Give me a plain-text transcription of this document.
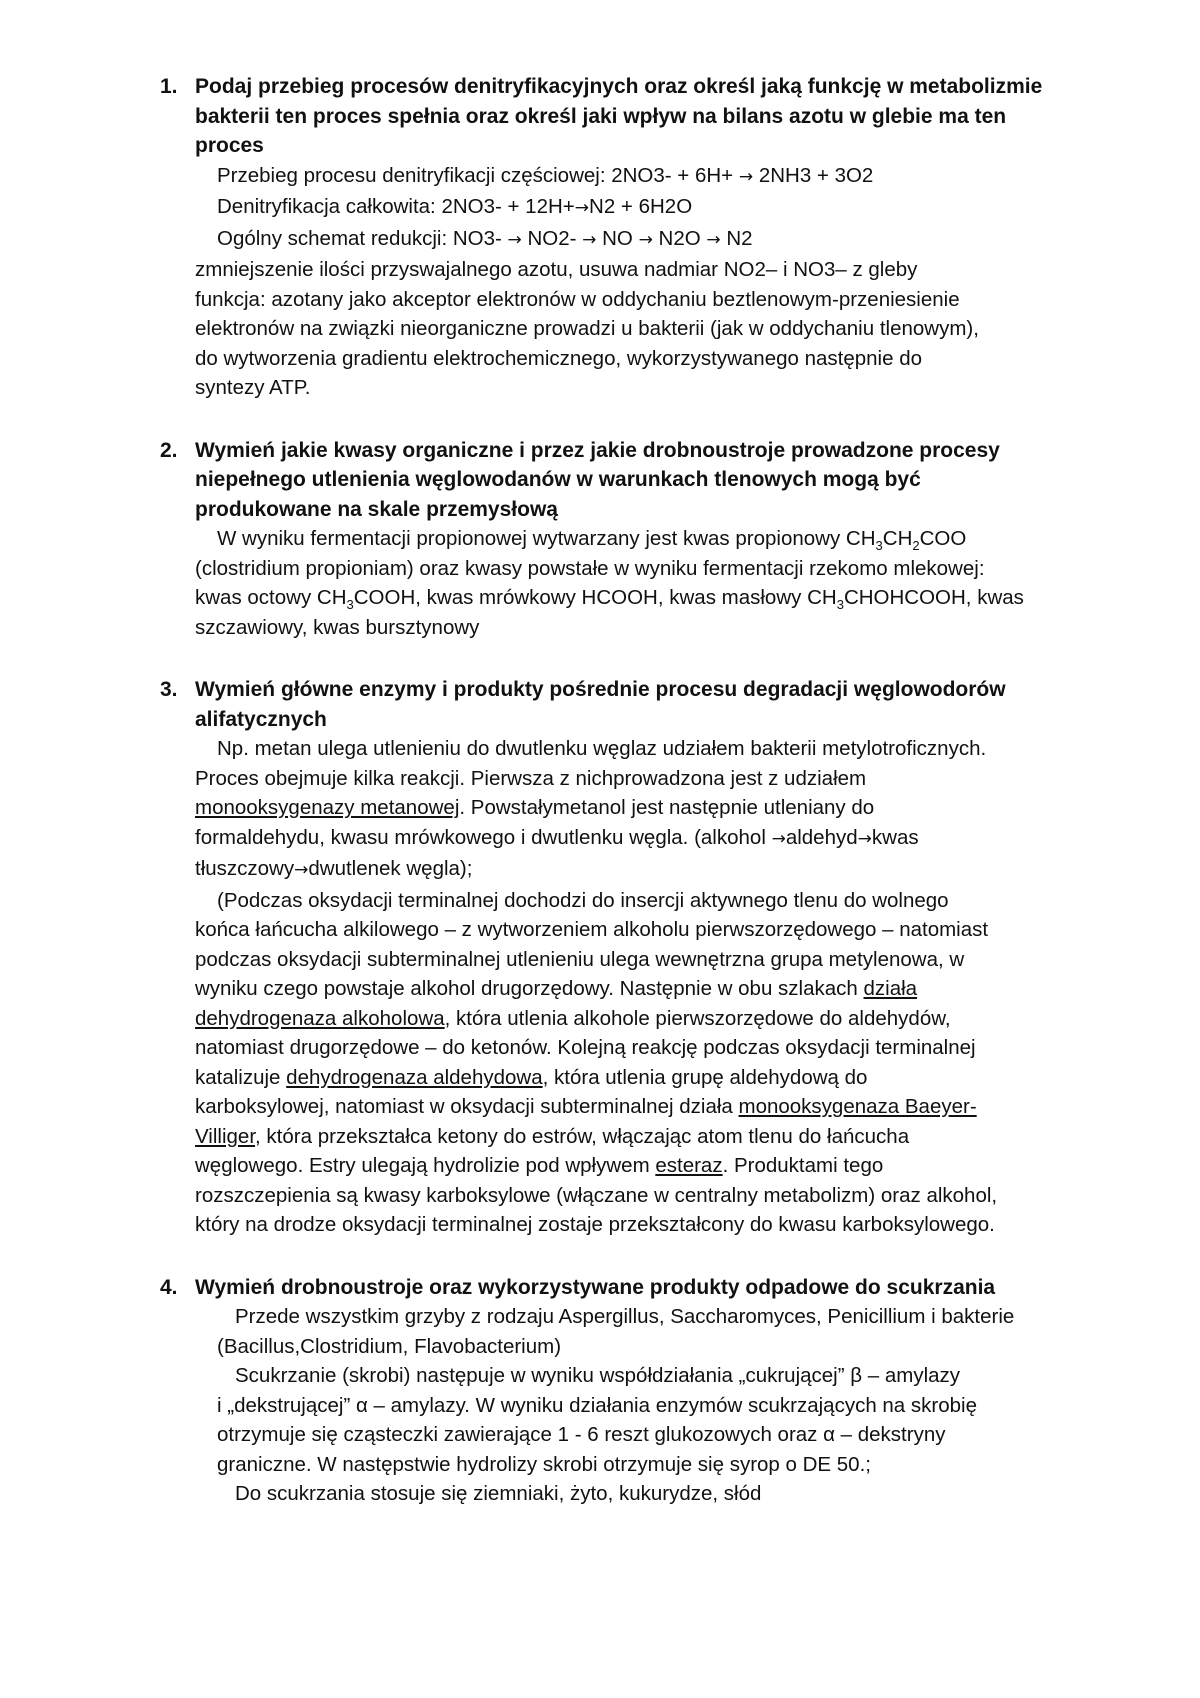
1. Podaj przebieg procesów denitryfikacyjnych oraz określ jaką funkcję w metabolizmie
bakterii ten proces spełnia oraz określ jaki wpływ na bilans azotu w glebie ma ten
proces
Przebieg procesu denitryfikacji częściowej: 2NO3- + 6H+ → 2NH3 + 3O2
Denitryfikacja całkowita: 2NO3- + 12H+→N2 + 6H2O
Ogólny schemat redukcji: NO3- → NO2- → NO → N2O → N2
zmniejszenie ilości przyswajalnego azotu, usuwa nadmiar NO2– i NO3– z gleby
funkcja: azotany jako akceptor elektronów w oddychaniu beztlenowym-przeniesienie
elektronów na związki nieorganiczne prowadzi u bakterii (jak w oddychaniu tlenowym),
do wytworzenia gradientu elektrochemicznego, wykorzystywanego następnie do
syntezy ATP.
2. Wymień jakie kwasy organiczne i przez jakie drobnoustroje prowadzone procesy
niepełnego utlenienia węglowodanów w warunkach tlenowych mogą być
produkowane na skale przemysłową
W wyniku fermentacji propionowej wytwarzany jest kwas propionowy $CH_3CH_2COO$
(clostridium propioniam) oraz kwasy powstałe w wyniku fermentacji rzekomo mlekowej:
kwas octowy $CH_3COOH$, kwas mrówkowy HCOOH, kwas masłowy $CH_3CHOHCOOH$, kwas
szczawiowy, kwas bursztynowy
3. Wymień główne enzymy i produkty pośrednie procesu degradacji węglowodorów
alifatycznych
Np. metan ulega utlenieniu do dwutlenku węglaz udziałem bakterii metylotroficznych.
Proces obejmuje kilka reakcji. Pierwsza z nichprowadzona jest z udziałem
monooksygenazy metanowej. Powstałymetanol jest następnie utleniany do
formaldehydu, kwasu mrówkowego i dwutlenku węgla. (alkohol →aldehyd→kwas
tłuszczowy→dwutlenek węgla);
(Podczas oksydacji terminalnej dochodzi do insercji aktywnego tlenu do wolnego
końca łańcucha alkilowego – z wytworzeniem alkoholu pierwszorzędowego – natomiast
podczas oksydacji subterminalnej utlenieniu ulega wewnętrzna grupa metylenowa, w
wyniku czego powstaje alkohol drugorzędowy. Następnie w obu szlakach działa
dehydrogenaza alkoholowa, która utlenia alkohole pierwszorzędowe do aldehydów,
natomiast drugorzędowe – do ketonów. Kolejną reakcję podczas oksydacji terminalnej
katalizuje dehydrogenaza aldehydowa, która utlenia grupę aldehydową do
karboksylowej, natomiast w oksydacji subterminalnej działa monooksygenaza Baeyer-
Villiger, która przekształca ketony do estrów, włączając atom tlenu do łańcucha
węglowego. Estry ulegają hydrolizie pod wpływem esteraz. Produktami tego
rozszczepienia są kwasy karboksylowe (włączane w centralny metabolizm) oraz alkohol,
który na drodze oksydacji terminalnej zostaje przekształcony do kwasu karboksylowego.
4. Wymień drobnoustroje oraz wykorzystywane produkty odpadowe do scukrzania
Przede wszystkim grzyby z rodzaju Aspergillus, Saccharomyces, Penicillium i bakterie
(Bacillus,Clostridium, Flavobacterium)
Scukrzanie (skrobi) następuje w wyniku współdziałania „cukrującej” β – amylazy
i „dekstrującej” α – amylazy. W wyniku działania enzymów scukrzających na skrobię
otrzymuje się cząsteczki zawierające 1 - 6 reszt glukozowych oraz α – dekstryny
graniczne. W następstwie hydrolizy skrobi otrzymuje się syrop o DE 50.;
Do scukrzania stosuje się ziemniaki, żyto, kukurydze, słód
